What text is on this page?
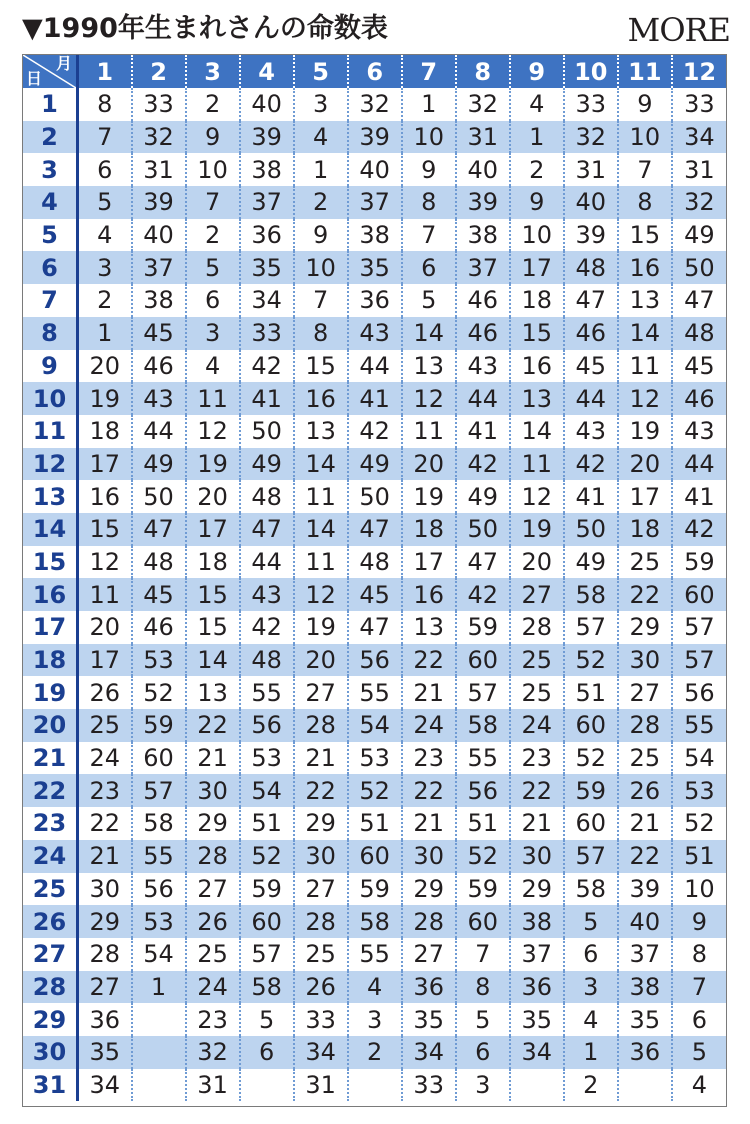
▼1990年生まれさんの命数表	MORE
月
日	1	2	3	4	5	6	7	8	9	10	11	12
1	8	33	2	40	3	32	1	32	4	33	9	33
2	7	32	9	39	4	39	10	31	1	32	10	34
3	6	31	10	38	1	40	9	40	2	31	7	31
4	5	39	7	37	2	37	8	39	9	40	8	32
5	4	40	2	36	9	38	7	38	10	39	15	49
6	3	37	5	35	10	35	6	37	17	48	16	50
7	2	38	6	34	7	36	5	46	18	47	13	47
8	1	45	3	33	8	43	14	46	15	46	14	48
9	20	46	4	42	15	44	13	43	16	45	11	45
10	19	43	11	41	16	41	12	44	13	44	12	46
11	18	44	12	50	13	42	11	41	14	43	19	43
12	17	49	19	49	14	49	20	42	11	42	20	44
13	16	50	20	48	11	50	19	49	12	41	17	41
14	15	47	17	47	14	47	18	50	19	50	18	42
15	12	48	18	44	11	48	17	47	20	49	25	59
16	11	45	15	43	12	45	16	42	27	58	22	60
17	20	46	15	42	19	47	13	59	28	57	29	57
18	17	53	14	48	20	56	22	60	25	52	30	57
19	26	52	13	55	27	55	21	57	25	51	27	56
20	25	59	22	56	28	54	24	58	24	60	28	55
21	24	60	21	53	21	53	23	55	23	52	25	54
22	23	57	30	54	22	52	22	56	22	59	26	53
23	22	58	29	51	29	51	21	51	21	60	21	52
24	21	55	28	52	30	60	30	52	30	57	22	51
25	30	56	27	59	27	59	29	59	29	58	39	10
26	29	53	26	60	28	58	28	60	38	5	40	9
27	28	54	25	57	25	55	27	7	37	6	37	8
28	27	1	24	58	26	4	36	8	36	3	38	7
29	36		23	5	33	3	35	5	35	4	35	6
30	35		32	6	34	2	34	6	34	1	36	5
31	34		31		31		33	3		2		4
